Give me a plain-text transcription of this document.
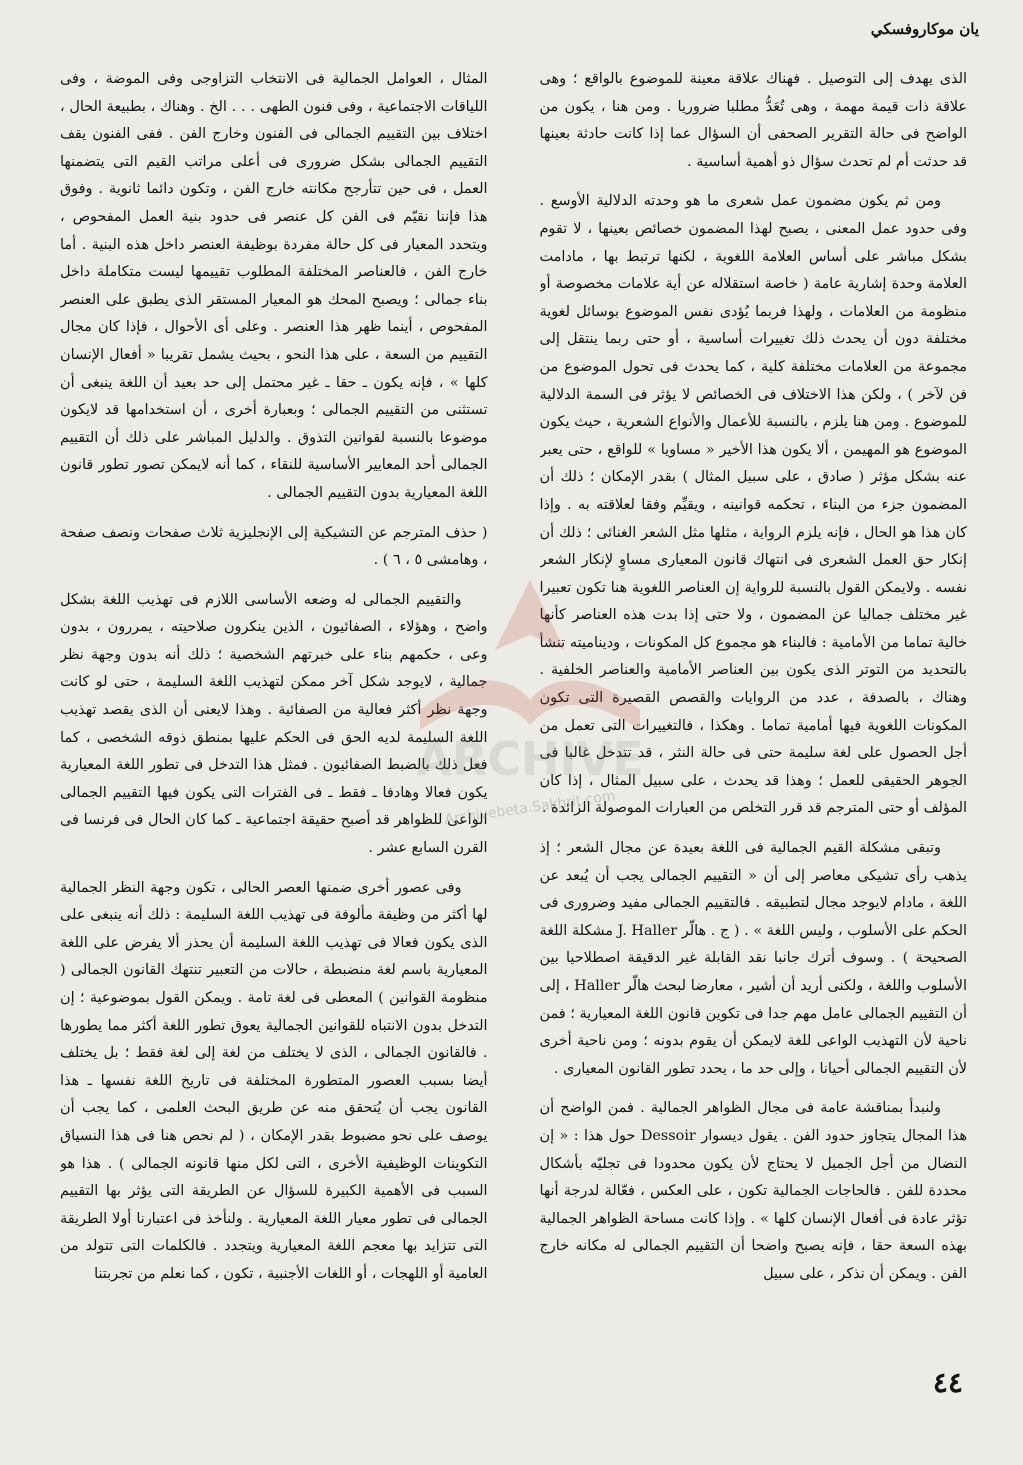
يان موكاروفسكي

الذى يهدف إلى التوصيل . فهناك علاقة معينة للموضوع بالواقع ؛ وهى علاقة ذات قيمة مهمة ، وهى تُعَدُّ مطلبا ضروريا . ومن هنا ، يكون من الواضح فى حالة التقرير الصحفى أن السؤال عما إذا كانت حادثة بعينها قد حدثت أم لم تحدث سؤال ذو أهمية أساسية .

ومن ثم يكون مضمون عمل شعرى ما هو وحدته الدلالية الأوسع . وفى حدود عمل المعنى ، يصبح لهذا المضمون خصائص بعينها ، لا تقوم بشكل مباشر على أساس العلامة اللغوية ، لكنها ترتبط بها ، مادامت العلامة وحدة إشارية عامة ( خاصة استقلاله عن أية علامات مخصوصة أو منظومة من العلامات ، ولهذا فربما يُؤدى نفس الموضوع بوسائل لغوية مختلفة دون أن يحدث ذلك تغييرات أساسية ، أو حتى ربما ينتقل إلى مجموعة من العلامات مختلفة كلية ، كما يحدث فى تحول الموضوع من فن لآخر ) ، ولكن هذا الاختلاف فى الخصائص لا يؤثر فى السمة الدلالية للموضوع . ومن هنا يلزم ، بالنسبة للأعمال والأنواع الشعرية ، حيث يكون الموضوع هو المهيمن ، ألا يكون هذا الأخير « مساويا » للواقع ، حتى يعبر عنه بشكل مؤثر ( صادق ، على سبيل المثال ) بقدر الإمكان ؛ ذلك أن المضمون جزء من البناء ، تحكمه قوانينه ، ويقيِّم وفقا لعلاقته به . وإذا كان هذا هو الحال ، فإنه يلزم الرواية ، مثلها مثل الشعر الغنائى ؛ ذلك أن إنكار حق العمل الشعرى فى انتهاك قانون المعيارى مساوٍ لإنكار الشعر نفسه . ولايمكن القول بالنسبة للرواية إن العناصر اللغوية هنا تكون تعبيرا غير مختلف جماليا عن المضمون ، ولا حتى إذا بدت هذه العناصر كأنها خالية تماما من الأمامية : فالبناء هو مجموع كل المكونات ، وديناميته تنشأ بالتحديد من التوتر الذى يكون بين العناصر الأمامية والعناصر الخلفية . وهناك ، بالصدفة ، عدد من الروايات والقصص القصيرة التى تكون المكونات اللغوية فيها أمامية تماما . وهكذا ، فالتغييرات التى تعمل من أجل الحصول على لغة سليمة حتى فى حالة النثر ، قد تتدخل غالبا فى الجوهر الحقيقى للعمل ؛ وهذا قد يحدث ، على سبيل المثال ، إذا كان المؤلف أو حتى المترجم قد قرر التخلص من العبارات الموصولة الزائدة .

وتبقى مشكلة القيم الجمالية فى اللغة بعيدة عن مجال الشعر ؛ إذ يذهب رأى تشيكى معاصر إلى أن « التقييم الجمالى يجب أن يُبعد عن اللغة ، مادام لايوجد مجال لتطبيقه . فالتقييم الجمالى مفيد وضرورى فى الحكم على الأسلوب ، وليس اللغة » . ( ج . هالّر J. Haller مشكلة اللغة الصحيحة ) . وسوف أترك جانبا نقد القابلة غير الدقيقة اصطلاحيا بين الأسلوب واللغة ، ولكنى أريد أن أشير ، معارضا لبحث هالّر Haller ، إلى أن التقييم الجمالى عامل مهم جدا فى تكوين قانون اللغة المعيارية ؛ فمن ناحية لأن التهذيب الواعى للغة لايمكن أن يقوم بدونه ؛ ومن ناحية أخرى لأن التقييم الجمالى أحيانا ، وإلى حد ما ، يحدد تطور القانون المعيارى .

ولنبدأ بمناقشة عامة فى مجال الظواهر الجمالية . فمن الواضح أن هذا المجال يتجاوز حدود الفن . يقول ديسوار Dessoir حول هذا : « إن النضال من أجل الجميل لا يحتاج لأن يكون محدودا فى تجليّه بأشكال محددة للفن . فالحاجات الجمالية تكون ، على العكس ، فعّالة لدرجة أنها تؤثر عادة فى أفعال الإنسان كلها » . وإذا كانت مساحة الظواهر الجمالية بهذه السعة حقا ، فإنه يصبح واضحا أن التقييم الجمالى له مكانه خارج الفن . ويمكن أن نذكر ، على سبيل

المثال ، العوامل الجمالية فى الانتخاب التزاوجى وفى الموضة ، وفى اللياقات الاجتماعية ، وفى فنون الطهى . . . الخ . وهناك ، بطبيعة الحال ، اختلاف بين التقييم الجمالى فى الفنون وخارج الفن . ففى الفنون يقف التقييم الجمالى بشكل ضرورى فى أعلى مراتب القيم التى يتضمنها العمل ، فى حين تتأرجح مكانته خارج الفن ، وتكون دائما ثانوية . وفوق هذا فإننا نقيّم فى الفن كل عنصر فى حدود بنية العمل المفحوص ، ويتحدد المعيار فى كل حالة مفردة بوظيفة العنصر داخل هذه البنية . أما خارج الفن ، فالعناصر المختلفة المطلوب تقييمها ليست متكاملة داخل بناء جمالى ؛ ويصبح المحك هو المعيار المستقر الذى يطبق على العنصر المفحوص ، أينما ظهر هذا العنصر . وعلى أى الأحوال ، فإذا كان مجال التقييم من السعة ، على هذا النحو ، بحيث يشمل تقريبا « أفعال الإنسان كلها » ، فإنه يكون ـ حقا ـ غير محتمل إلى حد بعيد أن اللغة ينبغى أن تستثنى من التقييم الجمالى ؛ وبعبارة أخرى ، أن استخدامها قد لايكون موضوعا بالنسبة لقوانين التذوق . والدليل المباشر على ذلك أن التقييم الجمالى أحد المعايير الأساسية للنقاء ، كما أنه لايمكن تصور تطور قانون اللغة المعيارية بدون التقييم الجمالى .

( حذف المترجم عن التشيكية إلى الإنجليزية ثلاث صفحات ونصف صفحة ، وهامشى ٥ ، ٦ ) .

والتقييم الجمالى له وضعه الأساسى اللازم فى تهذيب اللغة بشكل واضح ، وهؤلاء ، الصفائيون ، الذين ينكرون صلاحيته ، يمررون ، بدون وعى ، حكمهم بناء على خبرتهم الشخصية ؛ ذلك أنه بدون وجهة نظر جمالية ، لايوجد شكل آخر ممكن لتهذيب اللغة السليمة ، حتى لو كانت وجهة نظر أكثر فعالية من الصفائية . وهذا لايعنى أن الذى يقصد تهذيب اللغة السليمة لديه الحق فى الحكم عليها بمنطق ذوقه الشخصى ، كما فعل ذلك بالضبط الصفائيون . فمثل هذا التدخل فى تطور اللغة المعيارية يكون فعالا وهادفا ـ فقط ـ فى الفترات التى يكون فيها التقييم الجمالى الواعى للظواهر قد أصبح حقيقة اجتماعية ـ كما كان الحال فى فرنسا فى القرن السابع عشر .

وفى عصور أخرى ضمنها العصر الحالى ، تكون وجهة النظر الجمالية لها أكثر من وظيفة مألوفة فى تهذيب اللغة السليمة : ذلك أنه ينبغى على الذى يكون فعالا فى تهذيب اللغة السليمة أن يحذر ألا يفرض على اللغة المعيارية باسم لغة منضبطة ، حالات من التعبير تنتهك القانون الجمالى ( منظومة القوانين ) المعطى فى لغة تامة . ويمكن القول بموضوعية ؛ إن التدخل بدون الانتباه للقوانين الجمالية يعوق تطور اللغة أكثر مما يطورها . فالقانون الجمالى ، الذى لا يختلف من لغة إلى لغة فقط ؛ بل يختلف أيضا بسبب العصور المتطورة المختلفة فى تاريخ اللغة نفسها ـ هذا القانون يجب أن يُتحقق منه عن طريق البحث العلمى ، كما يجب أن يوصف على نحو مضبوط بقدر الإمكان ، ( لم نحص هنا فى هذا النسياق التكوينات الوظيفية الأخرى ، التى لكل منها قانونه الجمالى ) . هذا هو السبب فى الأهمية الكبيرة للسؤال عن الطريقة التى يؤثر بها التقييم الجمالى فى تطور معيار اللغة المعيارية . ولنأخذ فى اعتبارنا أولا الطريقة التى تتزايد بها معجم اللغة المعيارية ويتجدد . فالكلمات التى تتولد من العامية أو اللهجات ، أو اللغات الأجنبية ، تكون ، كما نعلم من تجربتنا

ARCHIVE
Archivebeta.Sakhrit.com
٤٤
